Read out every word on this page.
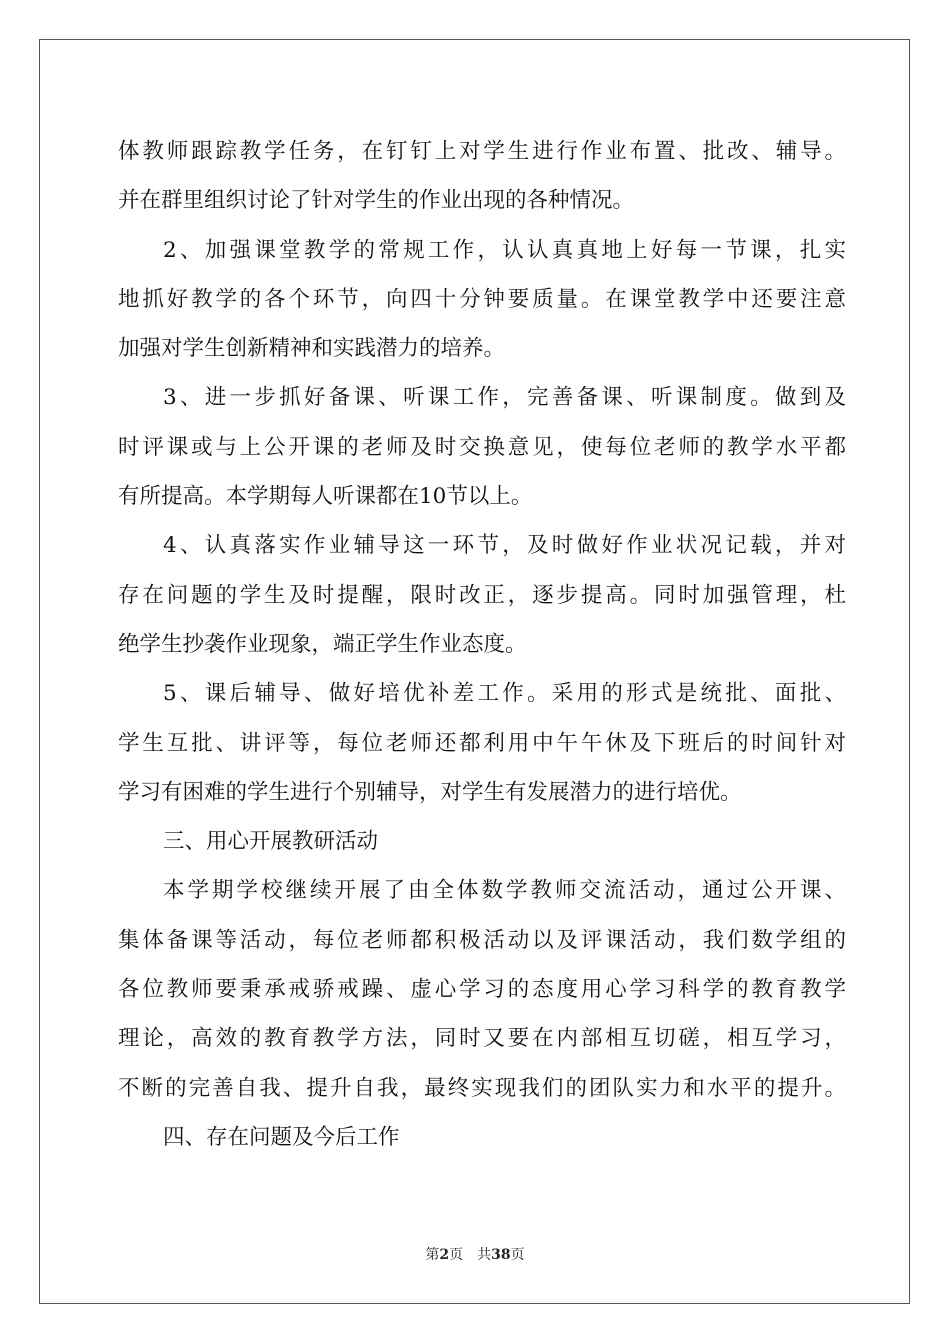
体教师跟踪教学任务，在钉钉上对学生进行作业布置、批改、辅导。
并在群里组织讨论了针对学生的作业出现的各种情况。
2、加强课堂教学的常规工作，认认真真地上好每一节课，扎实
地抓好教学的各个环节，向四十分钟要质量。在课堂教学中还要注意
加强对学生创新精神和实践潜力的培养。
3、进一步抓好备课、听课工作，完善备课、听课制度。做到及
时评课或与上公开课的老师及时交换意见，使每位老师的教学水平都
有所提高。本学期每人听课都在10节以上。
4、认真落实作业辅导这一环节，及时做好作业状况记载，并对
存在问题的学生及时提醒，限时改正，逐步提高。同时加强管理，杜
绝学生抄袭作业现象，端正学生作业态度。
5、课后辅导、做好培优补差工作。采用的形式是统批、面批、
学生互批、讲评等，每位老师还都利用中午午休及下班后的时间针对
学习有困难的学生进行个别辅导，对学生有发展潜力的进行培优。
三、用心开展教研活动
本学期学校继续开展了由全体数学教师交流活动，通过公开课、
集体备课等活动，每位老师都积极活动以及评课活动，我们数学组的
各位教师要秉承戒骄戒躁、虚心学习的态度用心学习科学的教育教学
理论，高效的教育教学方法，同时又要在内部相互切磋，相互学习，
不断的完善自我、提升自我，最终实现我们的团队实力和水平的提升。
四、存在问题及今后工作
第2页 共38页
